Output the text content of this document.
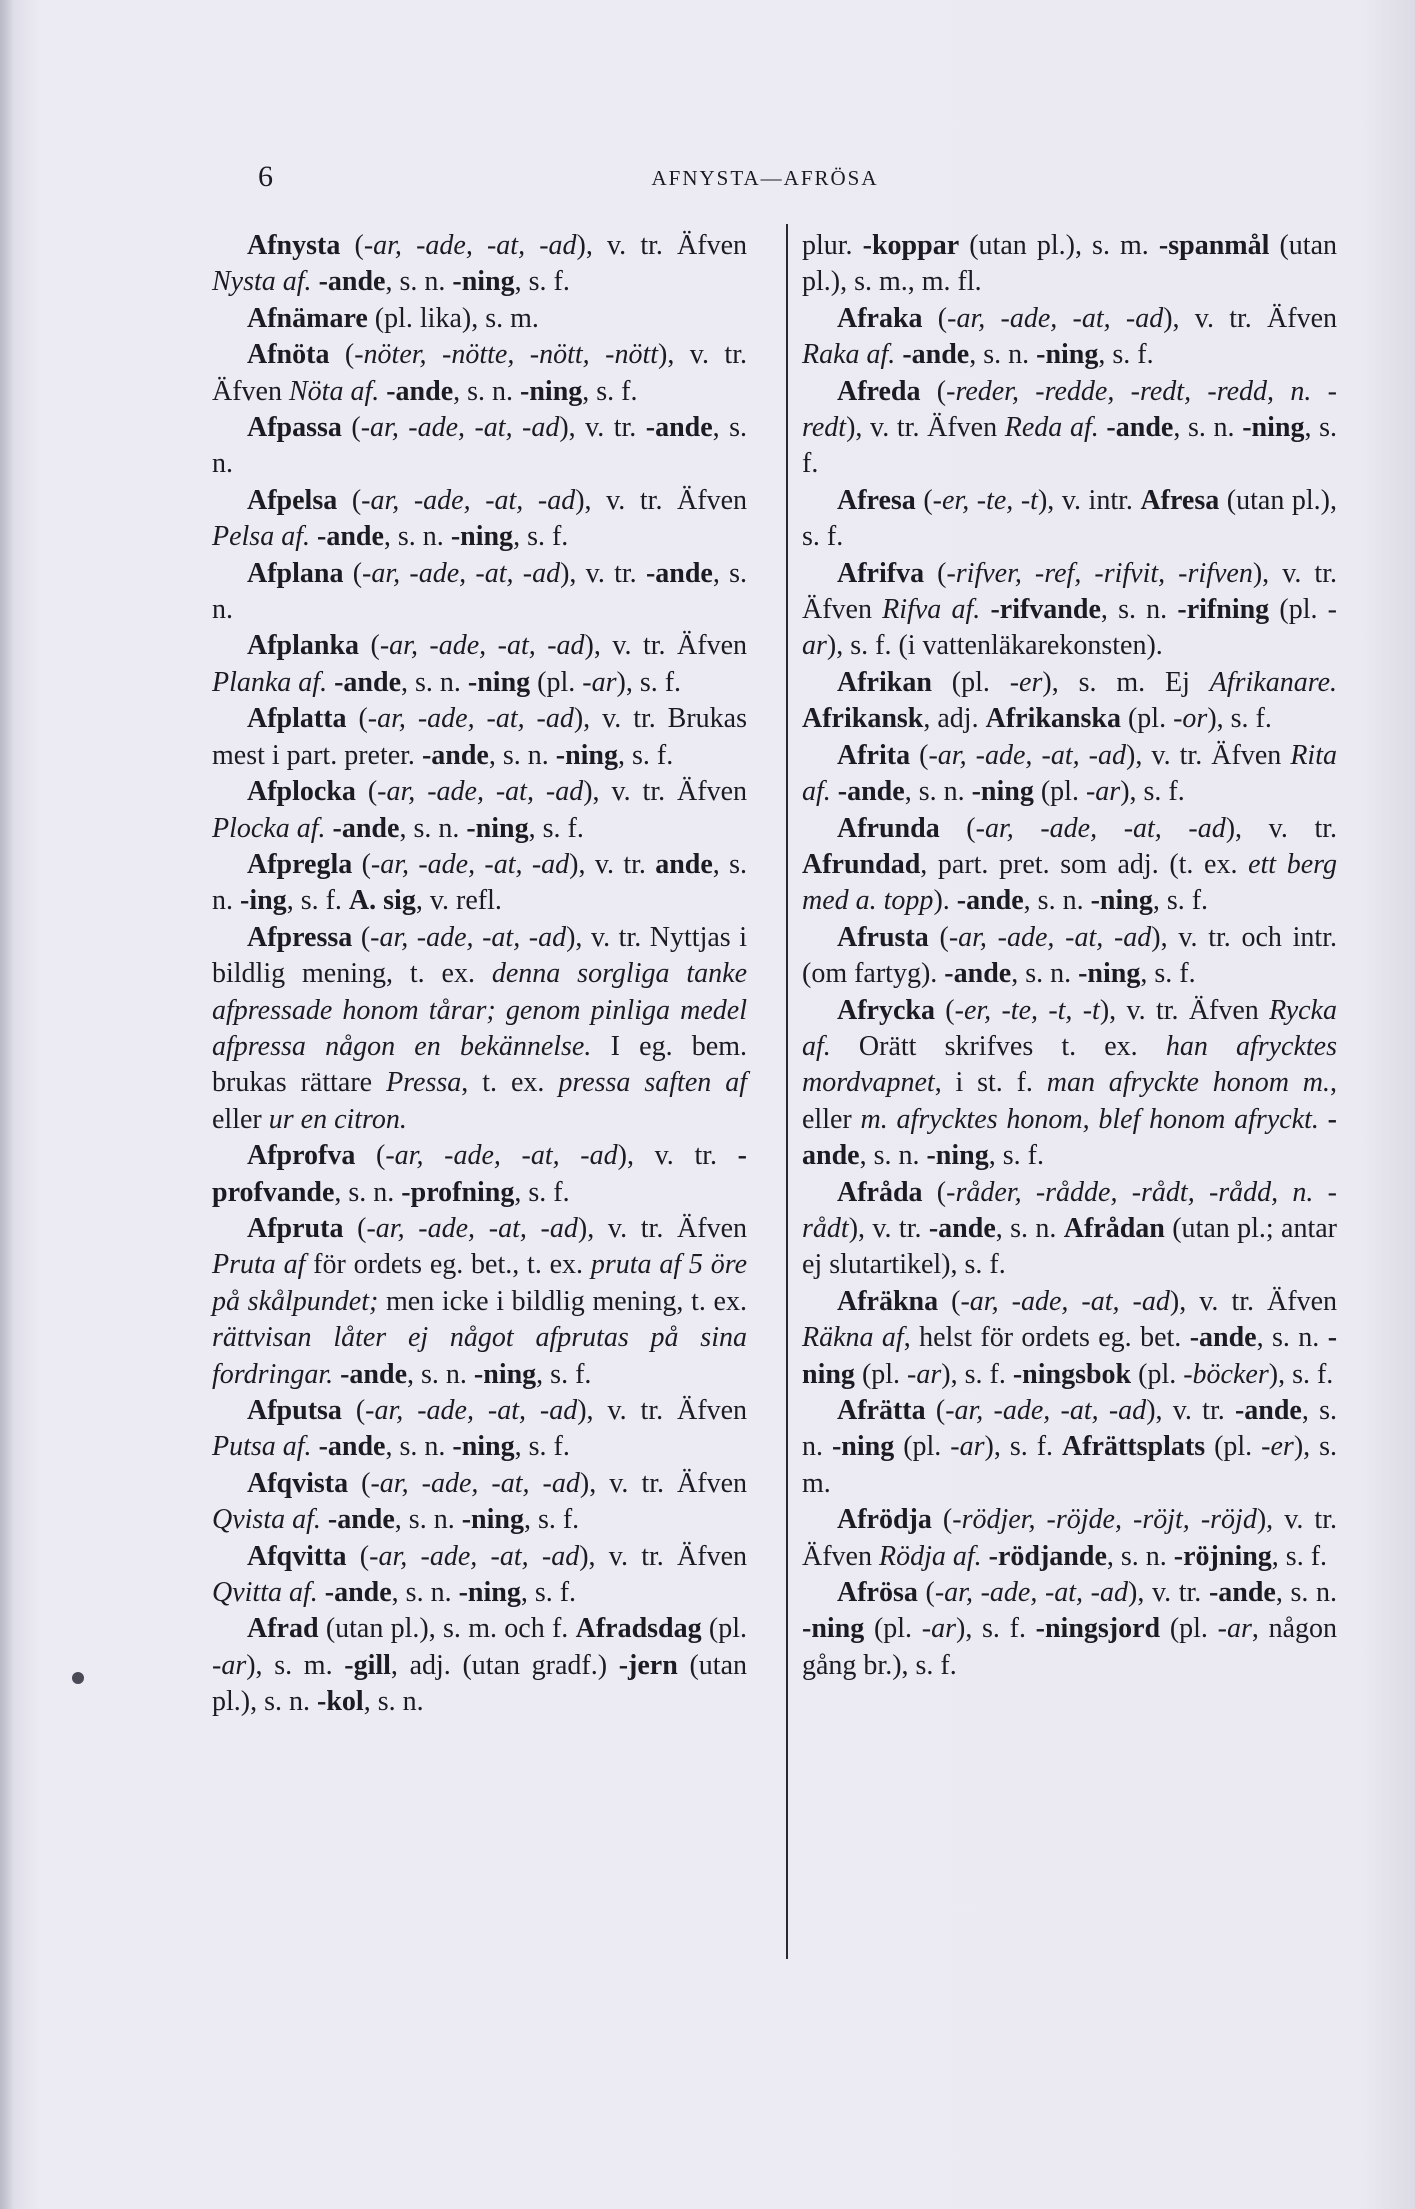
6	AFNYSTA—AFRÖSA

Afnysta (-ar, -ade, -at, -ad), v. tr. Äfven Nysta af. -ande, s. n. -ning, s. f.

Afnämare (pl. lika), s. m.

Afnöta (-nöter, -nötte, -nött, -nött), v. tr. Äfven Nöta af. -ande, s. n. -ning, s. f.

Afpassa (-ar, -ade, -at, -ad), v. tr. -ande, s. n.

Afpelsa (-ar, -ade, -at, -ad), v. tr. Äfven Pelsa af. -ande, s. n. -ning, s. f.

Afplana (-ar, -ade, -at, -ad), v. tr. -ande, s. n.

Afplanka (-ar, -ade, -at, -ad), v. tr. Äfven Planka af. -ande, s. n. -ning (pl. -ar), s. f.

Afplatta (-ar, -ade, -at, -ad), v. tr. Brukas mest i part. preter. -ande, s. n. -ning, s. f.

Afplocka (-ar, -ade, -at, -ad), v. tr. Äfven Plocka af. -ande, s. n. -ning, s. f.

Afpregla (-ar, -ade, -at, -ad), v. tr. ande, s. n. -ing, s. f. A. sig, v. refl.

Afpressa (-ar, -ade, -at, -ad), v. tr. Nyttjas i bildlig mening, t. ex. denna sorgliga tanke afpressade honom tårar; genom pinliga medel afpressa någon en bekännelse. I eg. bem. brukas rättare Pressa, t. ex. pressa saften af eller ur en citron.

Afprofva (-ar, -ade, -at, -ad), v. tr. -profvande, s. n. -profning, s. f.

Afpruta (-ar, -ade, -at, -ad), v. tr. Äfven Pruta af för ordets eg. bet., t. ex. pruta af 5 öre på skålpundet; men icke i bildlig mening, t. ex. rättvisan låter ej något afprutas på sina fordringar. -ande, s. n. -ning, s. f.

Afputsa (-ar, -ade, -at, -ad), v. tr. Äfven Putsa af. -ande, s. n. -ning, s. f.

Afqvista (-ar, -ade, -at, -ad), v. tr. Äfven Qvista af. -ande, s. n. -ning, s. f.

Afqvitta (-ar, -ade, -at, -ad), v. tr. Äfven Qvitta af. -ande, s. n. -ning, s. f.

Afrad (utan pl.), s. m. och f. Afradsdag (pl. -ar), s. m. -gill, adj. (utan gradf.) -jern (utan pl.), s. n. -kol, s. n.

plur. -koppar (utan pl.), s. m. -spanmål (utan pl.), s. m., m. fl.

Afraka (-ar, -ade, -at, -ad), v. tr. Äfven Raka af. -ande, s. n. -ning, s. f.

Afreda (-reder, -redde, -redt, -redd, n. -redt), v. tr. Äfven Reda af. -ande, s. n. -ning, s. f.

Afresa (-er, -te, -t), v. intr. Afresa (utan pl.), s. f.

Afrifva (-rifver, -ref, -rifvit, -rifven), v. tr. Äfven Rifva af. -rifvande, s. n. -rifning (pl. -ar), s. f. (i vattenläkarekonsten).

Afrikan (pl. -er), s. m. Ej Afrikanare. Afrikansk, adj. Afrikanska (pl. -or), s. f.

Afrita (-ar, -ade, -at, -ad), v. tr. Äfven Rita af. -ande, s. n. -ning (pl. -ar), s. f.

Afrunda (-ar, -ade, -at, -ad), v. tr. Afrundad, part. pret. som adj. (t. ex. ett berg med a. topp). -ande, s. n. -ning, s. f.

Afrusta (-ar, -ade, -at, -ad), v. tr. och intr. (om fartyg). -ande, s. n. -ning, s. f.

Afrycka (-er, -te, -t, -t), v. tr. Äfven Rycka af. Orätt skrifves t. ex. han afrycktes mordvapnet, i st. f. man afryckte honom m., eller m. afrycktes honom, blef honom afryckt. -ande, s. n. -ning, s. f.

Afråda (-råder, -rådde, -rådt, -rådd, n. -rådt), v. tr. -ande, s. n. Afrådan (utan pl.; antar ej slutartikel), s. f.

Afräkna (-ar, -ade, -at, -ad), v. tr. Äfven Räkna af, helst för ordets eg. bet. -ande, s. n. -ning (pl. -ar), s. f. -ningsbok (pl. -böcker), s. f.

Afrätta (-ar, -ade, -at, -ad), v. tr. -ande, s. n. -ning (pl. -ar), s. f. Afrättsplats (pl. -er), s. m.

Afrödja (-rödjer, -röjde, -röjt, -röjd), v. tr. Äfven Rödja af. -rödjande, s. n. -röjning, s. f.

Afrösa (-ar, -ade, -at, -ad), v. tr. -ande, s. n. -ning (pl. -ar), s. f. -ningsjord (pl. -ar, någon gång br.), s. f.
